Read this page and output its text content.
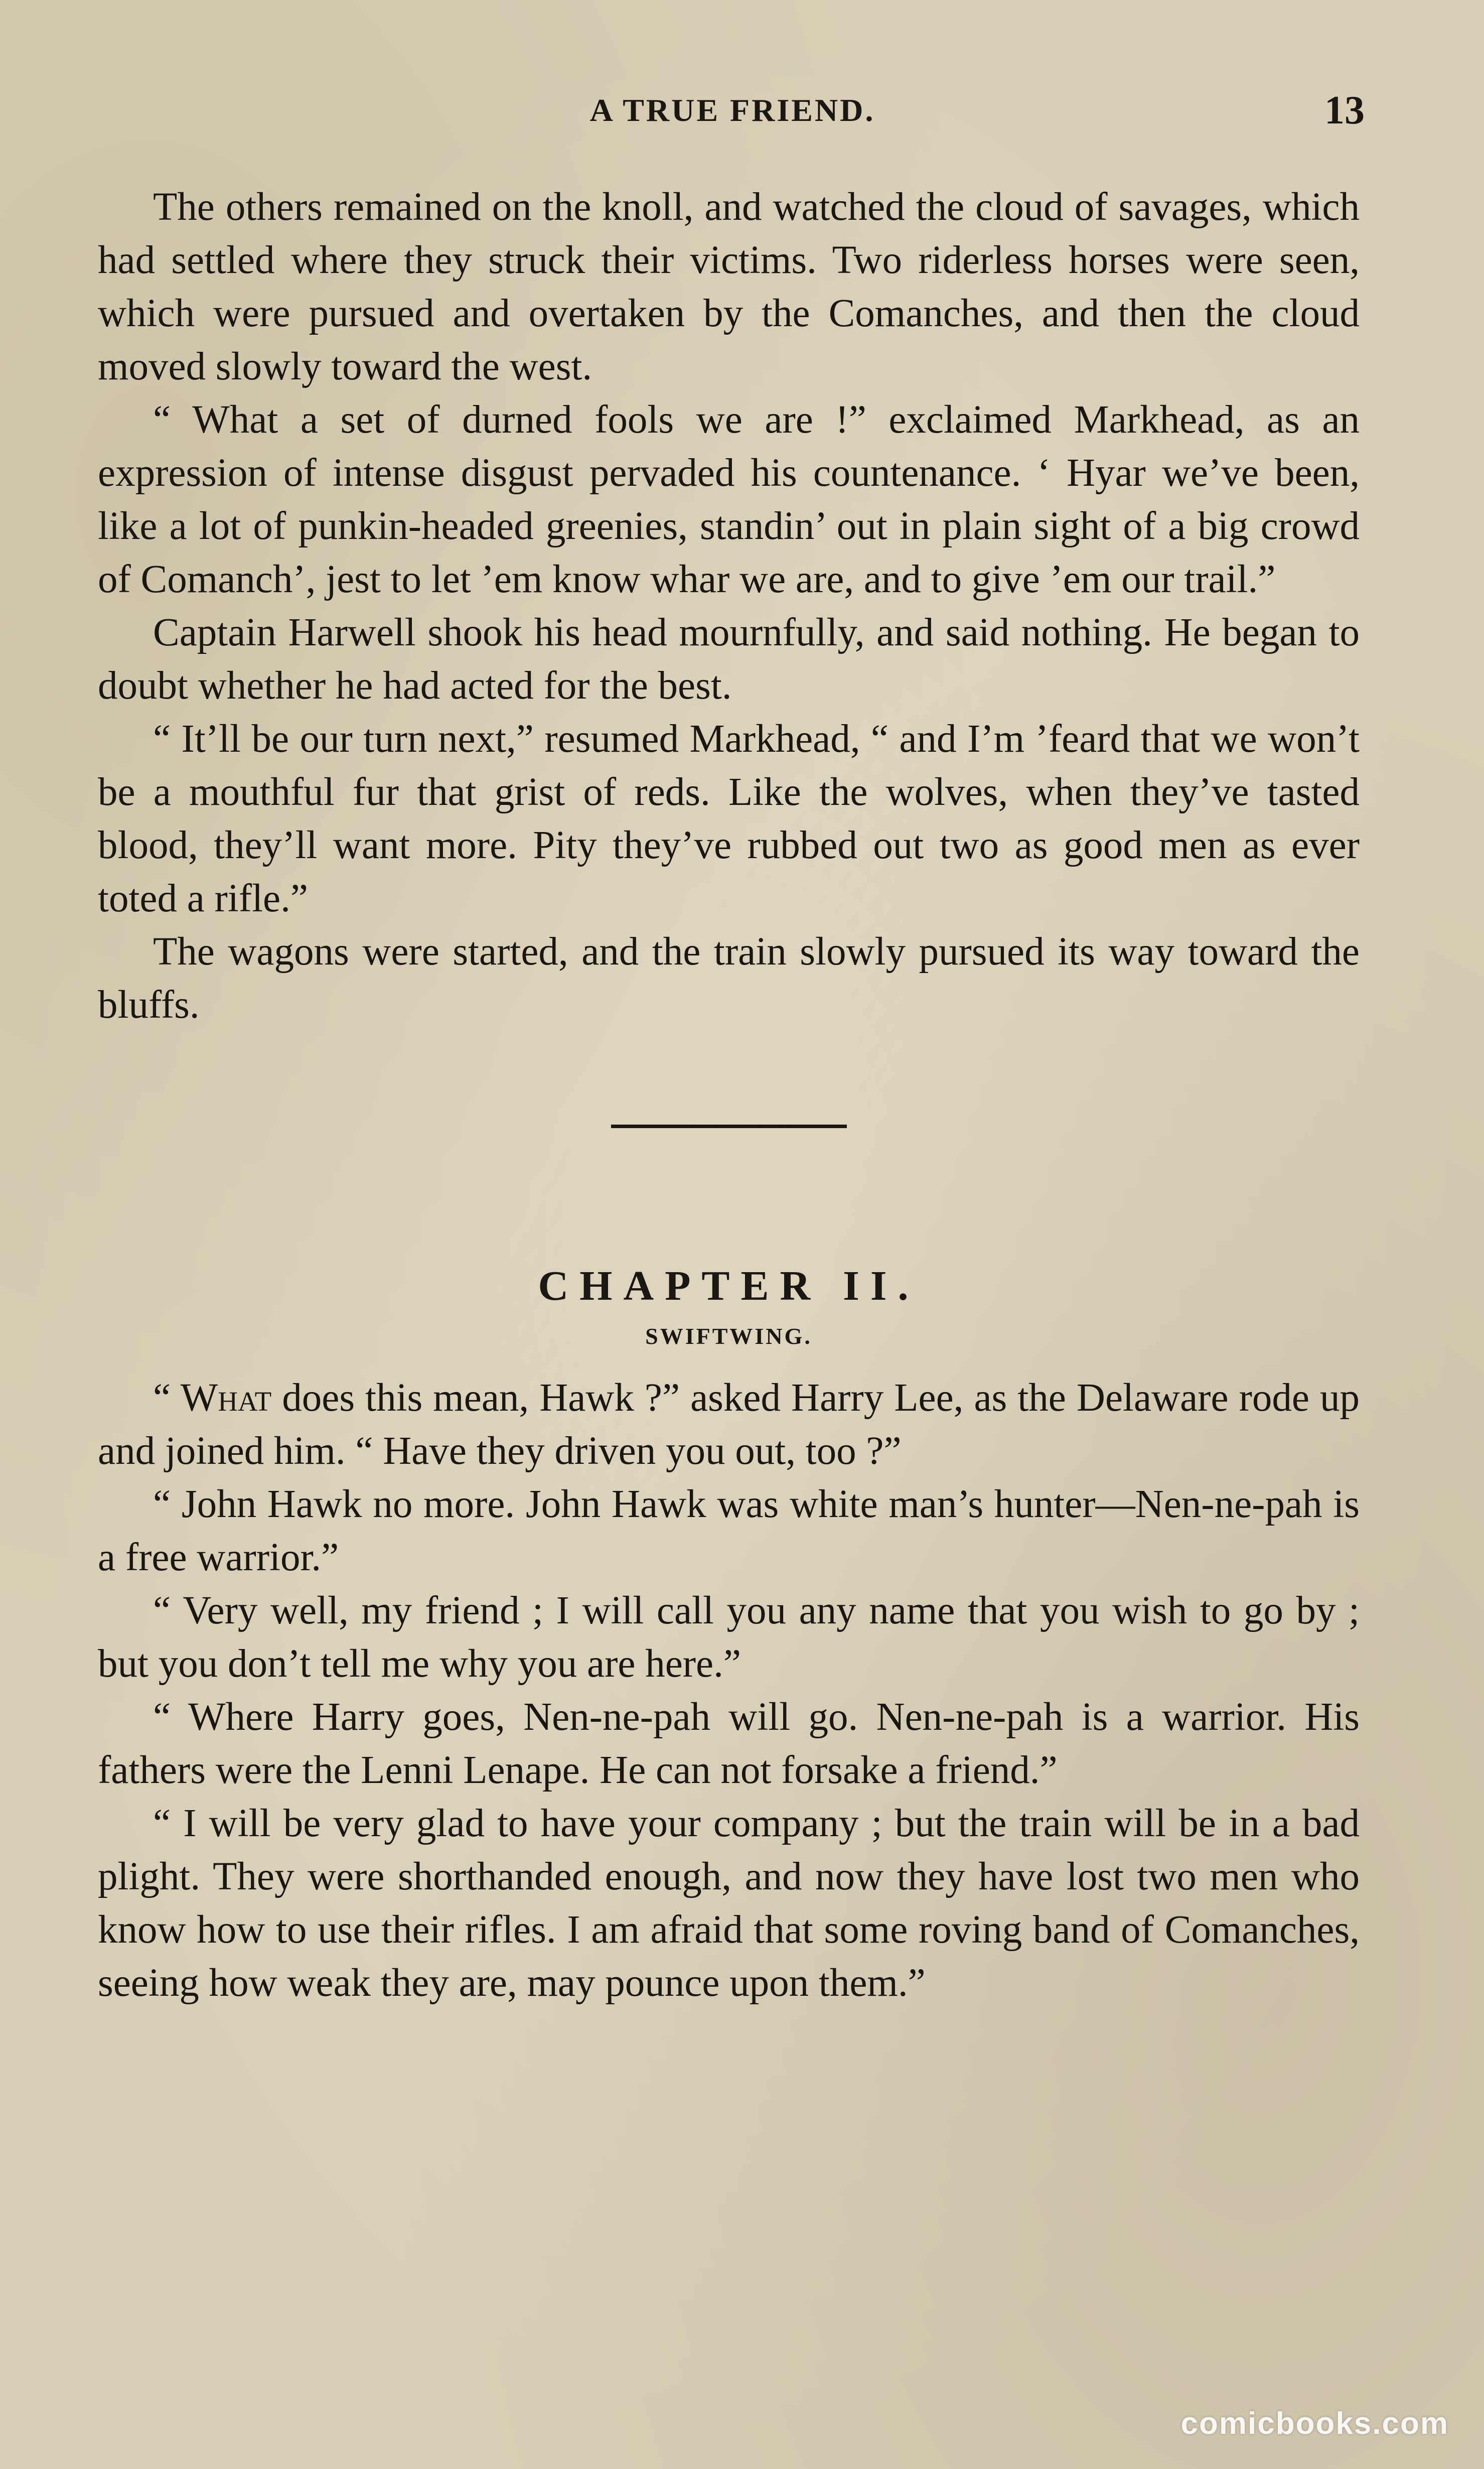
A TRUE FRIEND.	13

The others remained on the knoll, and watched the cloud of savages, which had settled where they struck their victims. Two riderless horses were seen, which were pursued and overtaken by the Comanches, and then the cloud moved slowly toward the west.

“ What a set of durned fools we are !” exclaimed Markhead, as an expression of intense disgust pervaded his countenance. ‘ Hyar we’ve been, like a lot of punkin-headed greenies, standin’ out in plain sight of a big crowd of Comanch’, jest to let ’em know whar we are, and to give ’em our trail.”

Captain Harwell shook his head mournfully, and said nothing. He began to doubt whether he had acted for the best.

“ It’ll be our turn next,” resumed Markhead, “ and I’m ’feard that we won’t be a mouthful fur that grist of reds. Like the wolves, when they’ve tasted blood, they’ll want more. Pity they’ve rubbed out two as good men as ever toted a rifle.”

The wagons were started, and the train slowly pursued its way toward the bluffs.

CHAPTER II.
SWIFTWING.

“ What does this mean, Hawk ?” asked Harry Lee, as the Delaware rode up and joined him. “ Have they driven you out, too ?”

“ John Hawk no more. John Hawk was white man’s hunter—Nen-ne-pah is a free warrior.”

“ Very well, my friend ; I will call you any name that you wish to go by ; but you don’t tell me why you are here.”

“ Where Harry goes, Nen-ne-pah will go. Nen-ne-pah is a warrior. His fathers were the Lenni Lenape. He can not forsake a friend.”

“ I will be very glad to have your company ; but the train will be in a bad plight. They were shorthanded enough, and now they have lost two men who know how to use their rifles. I am afraid that some roving band of Comanches, seeing how weak they are, may pounce upon them.”

comicbooks.com
